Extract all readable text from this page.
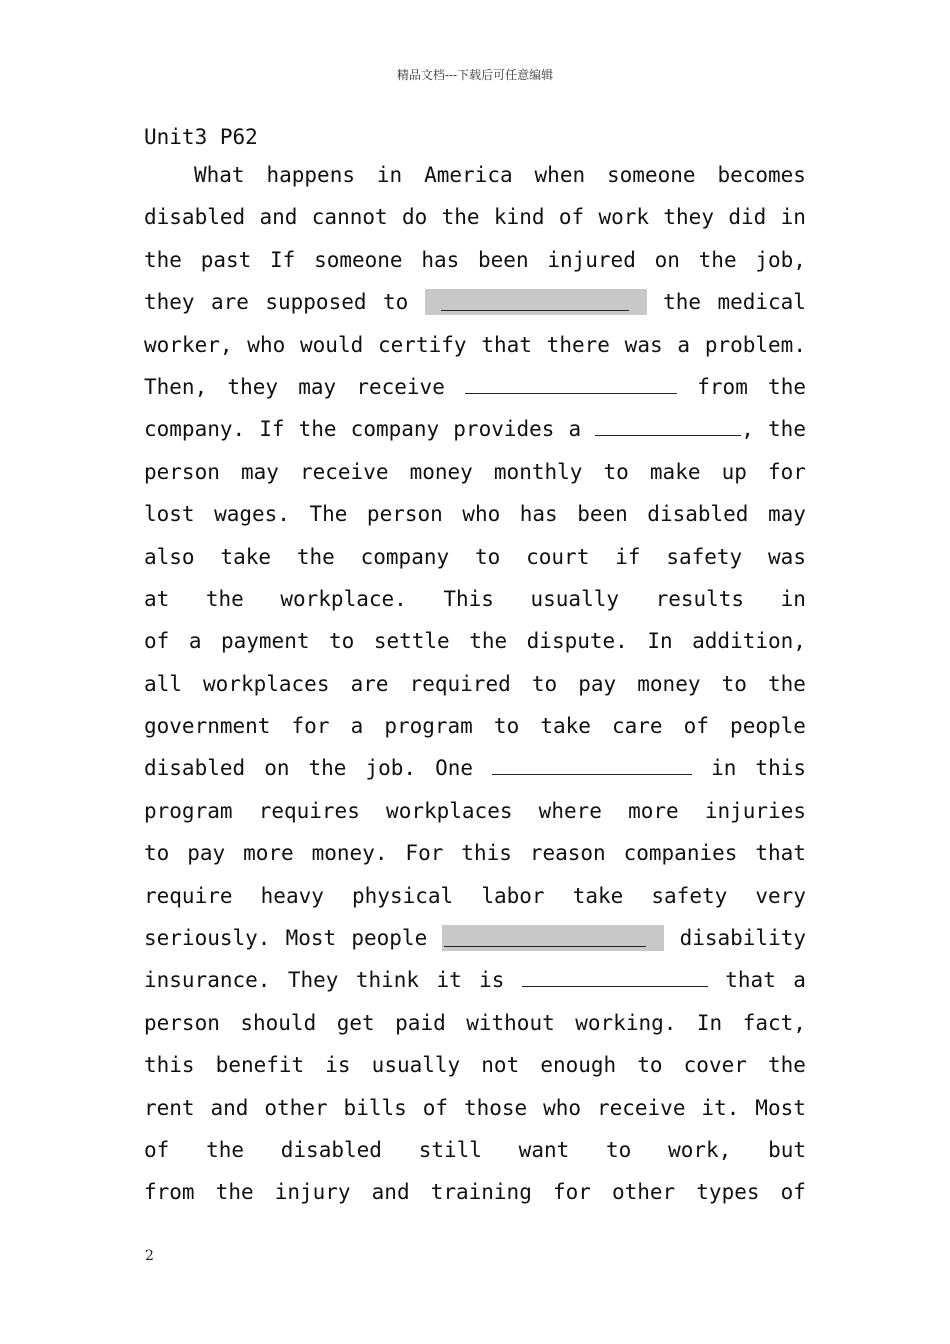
精品文档---下载后可任意编辑
Unit3 P62
What happens in America when someone becomes
disabled and cannot do the kind of work they did in
the past If someone has been injured on the job,
they are supposed to	the medical
worker, who would certify that there was a problem.
Then, they may receive	from the
company. If the company provides a	, the
person may receive money monthly to make up for
lost wages. The person who has been disabled may
also take the company to court if safety was
at the workplace. This usually results in
of a payment to settle the dispute. In addition,
all workplaces are required to pay money to the
government for a program to take care of people
disabled on the job. One	in this
program requires workplaces where more injuries
to pay more money. For this reason companies that
require heavy physical labor take safety very
seriously. Most people	disability
insurance. They think it is	that a
person should get paid without working. In fact,
this benefit is usually not enough to cover the
rent and other bills of those who receive it. Most
of the disabled still want to work, but
from the injury and training for other types of
2
